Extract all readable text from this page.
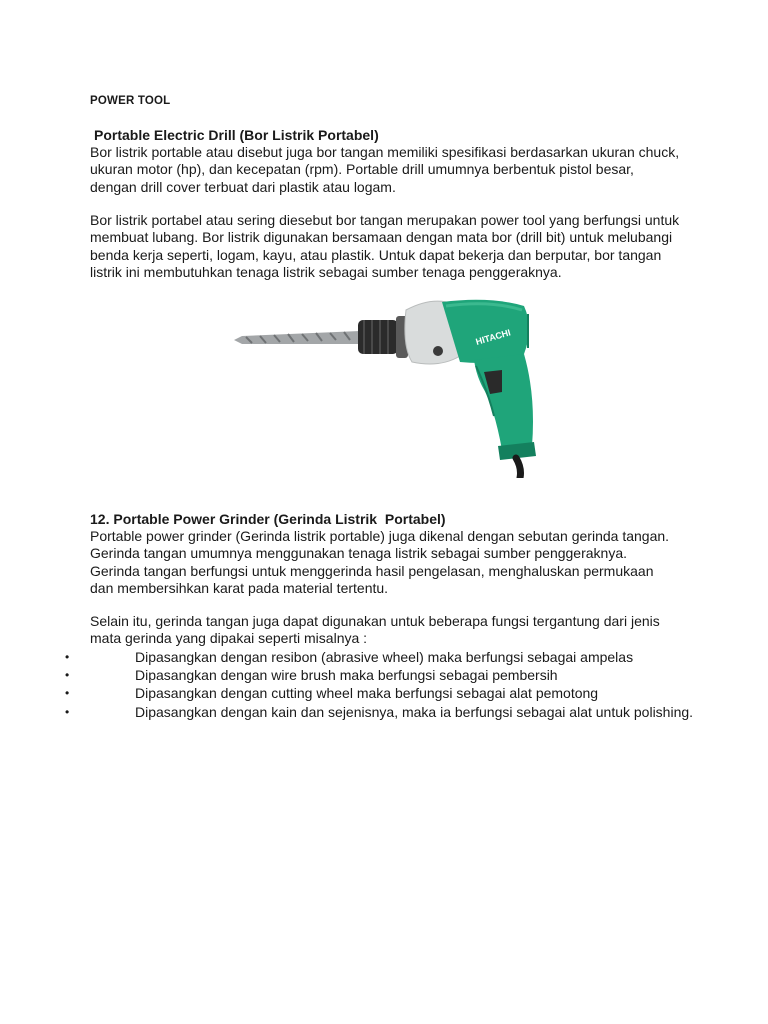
POWER TOOL
Portable Electric Drill (Bor Listrik Portabel)

Bor listrik portable atau disebut juga bor tangan memiliki spesifikasi berdasarkan ukuran chuck, ukuran motor (hp), dan kecepatan (rpm). Portable drill umumnya berbentuk pistol besar, dengan drill cover terbuat dari plastik atau logam.

Bor listrik portabel atau sering diesebut bor tangan merupakan power tool yang berfungsi untuk membuat lubang. Bor listrik digunakan bersamaan dengan mata bor (drill bit) untuk melubangi benda kerja seperti, logam, kayu, atau plastik. Untuk dapat bekerja dan berputar, bor tangan listrik ini membutuhkan tenaga listrik sebagai sumber tenaga penggeraknya.

HITACHI
12. Portable Power Grinder (Gerinda Listrik  Portabel)

Portable power grinder (Gerinda listrik portable) juga dikenal dengan sebutan gerinda tangan. Gerinda tangan umumnya menggunakan tenaga listrik sebagai sumber penggeraknya. Gerinda tangan berfungsi untuk menggerinda hasil pengelasan, menghaluskan permukaan dan membersihkan karat pada material tertentu.

Selain itu, gerinda tangan juga dapat digunakan untuk beberapa fungsi tergantung dari jenis mata gerinda yang dipakai seperti misalnya :

•	Dipasangkan dengan resibon (abrasive wheel) maka berfungsi sebagai ampelas
•	Dipasangkan dengan wire brush maka berfungsi sebagai pembersih
•	Dipasangkan dengan cutting wheel maka berfungsi sebagai alat pemotong
•	Dipasangkan dengan kain dan sejenisnya, maka ia berfungsi sebagai alat untuk polishing.
